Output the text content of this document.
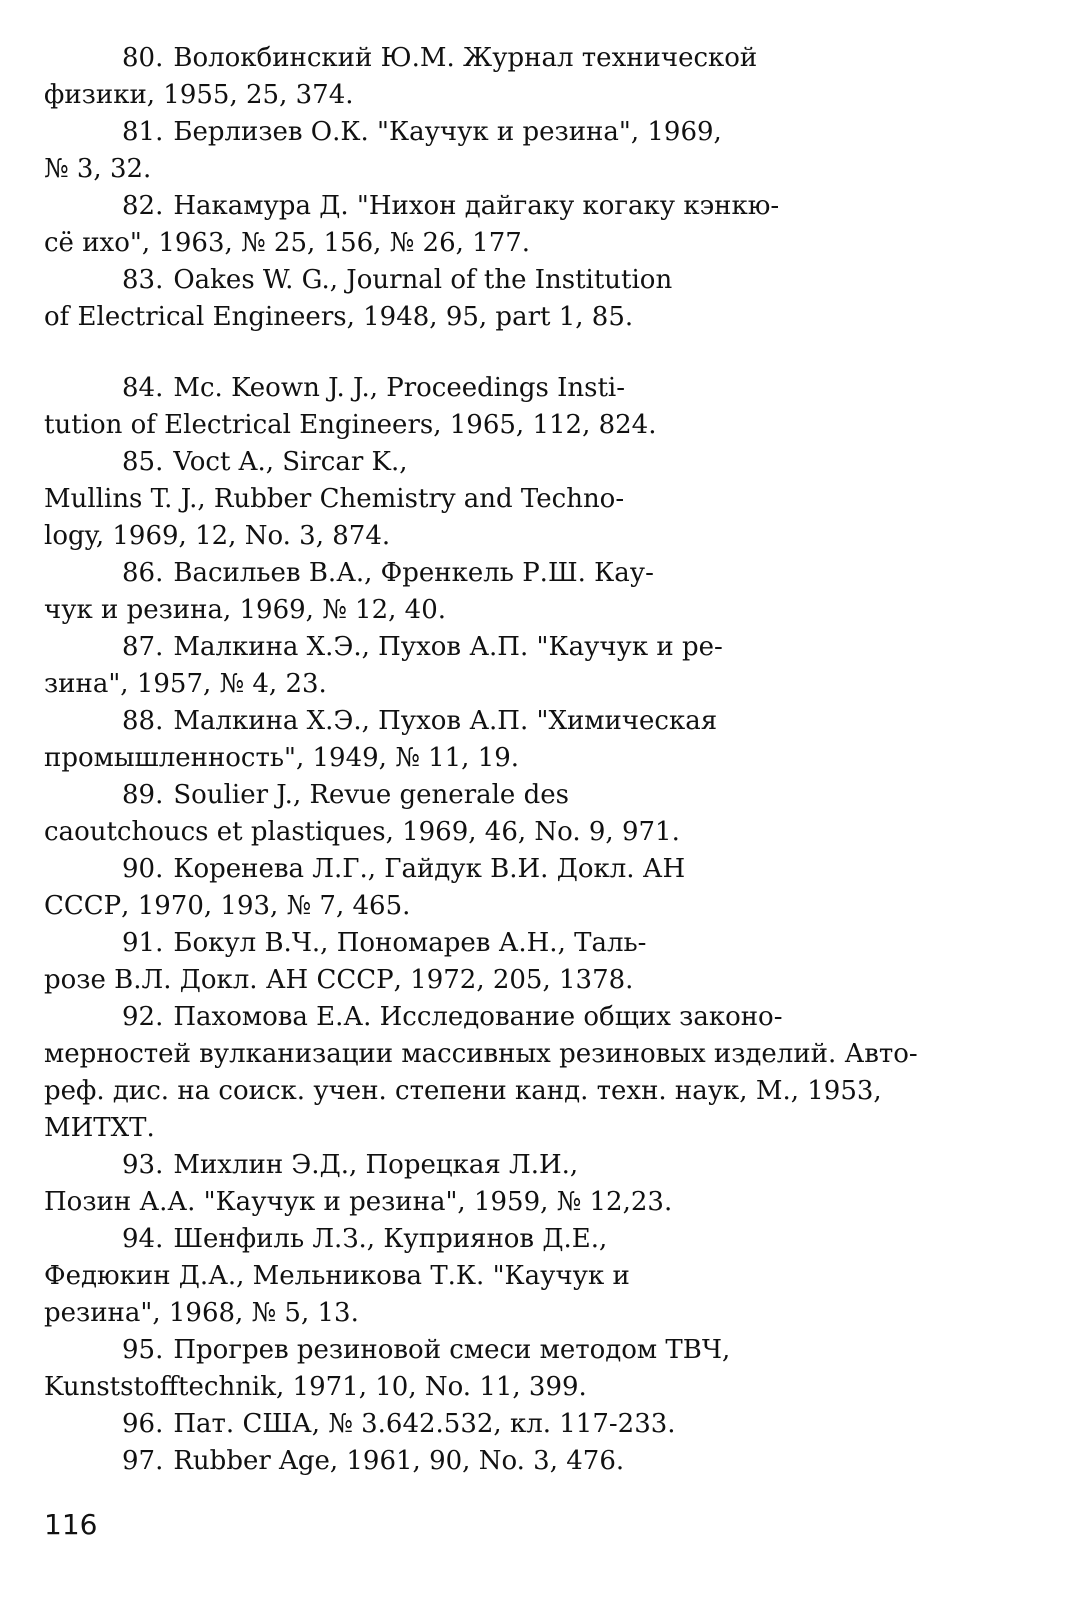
80. Волокбинский Ю.М. Журнал технической
физики, 1955, 25, 374.
81. Берлизев О.К. "Каучук и резина", 1969,
№ 3, 32.
82. Накамура Д. "Нихон дайгаку когаку кэнкю-
сё ихо", 1963, № 25, 156, № 26, 177.
83. Oakes W. G., Journal of the Institution
of Electrical Engineers, 1948, 95, part 1, 85.
84. Mc. Keown J. J., Proceedings Insti-
tution of Electrical Engineers, 1965, 112, 824.
85. Voct A., Sircar K.,
Mullins T. J., Rubber Chemistry and Techno-
logy, 1969, 12, No. 3, 874.
86. Васильев В.А., Френкель Р.Ш. Кау-
чук и резина, 1969, № 12, 40.
87. Малкина Х.Э., Пухов А.П. "Каучук и ре-
зина", 1957, № 4, 23.
88. Малкина Х.Э., Пухов А.П. "Химическая
промышленность", 1949, № 11, 19.
89. Soulier J., Revue generale des
caoutchoucs et plastiques, 1969, 46, No. 9, 971.
90. Коренева Л.Г., Гайдук В.И. Докл. АН
СССР, 1970, 193, № 7, 465.
91. Бокул В.Ч., Пономарев А.Н., Таль-
розе В.Л. Докл. АН СССР, 1972, 205, 1378.
92. Пахомова Е.А. Исследование общих законо-
мерностей вулканизации массивных резиновых изделий. Авто-
реф. дис. на соиск. учен. степени канд. техн. наук, М., 1953,
МИТХТ.
93. Михлин Э.Д., Порецкая Л.И.,
Позин А.А. "Каучук и резина", 1959, № 12,23.
94. Шенфиль Л.З., Куприянов Д.Е.,
Федюкин Д.А., Мельникова Т.К. "Каучук и
резина", 1968, № 5, 13.
95. Прогрев резиновой смеси методом ТВЧ,
Kunststofftechnik, 1971, 10, No. 11, 399.
96. Пат. США, № 3.642.532, кл. 117-233.
97. Rubber Age, 1961, 90, No. 3, 476.
116
